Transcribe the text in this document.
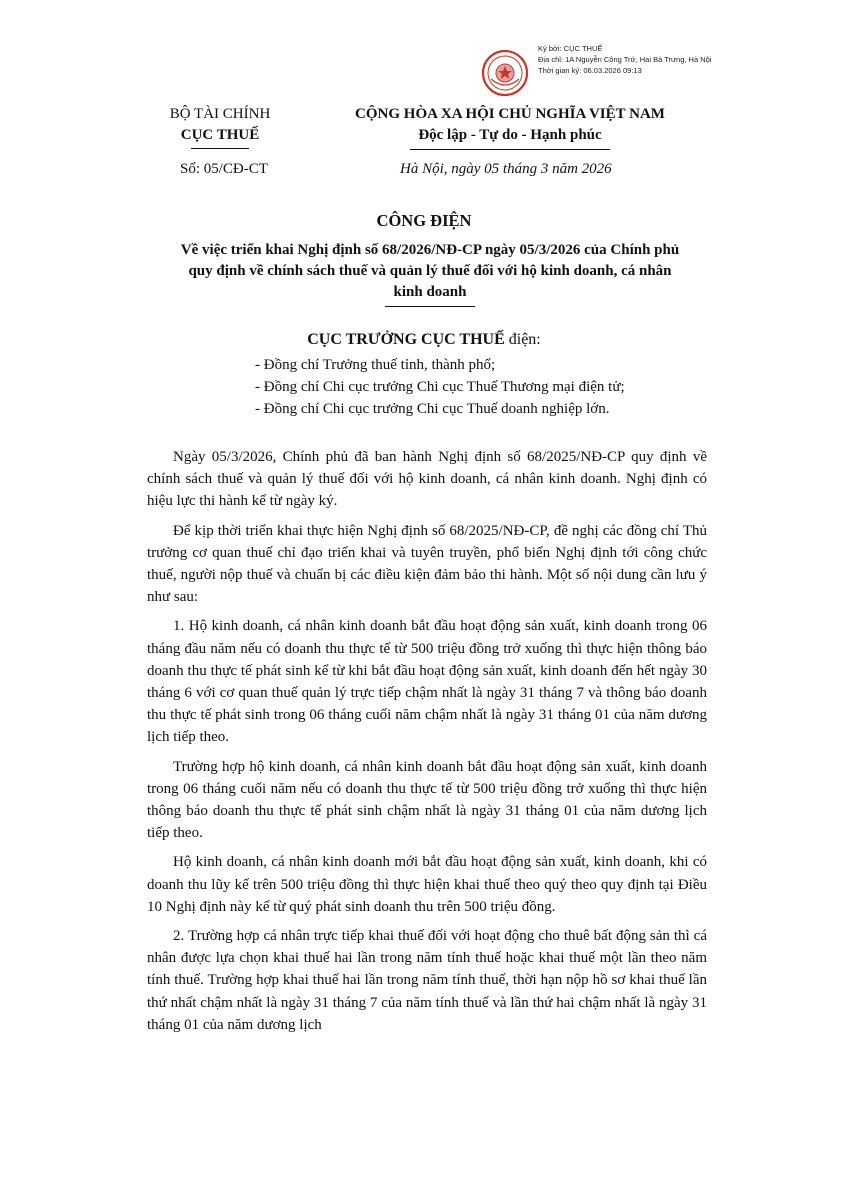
Ký bởi: CỤC THUẾ
Địa chỉ: 1A Nguyễn Công Trứ, Hai Bà Trưng, Hà Nội
Thời gian ký: 06.03.2026 09:13
BỘ TÀI CHÍNH
CỤC THUẾ
CỘNG HÒA XA HỘI CHỦ NGHĨA VIỆT NAM
Độc lập - Tự do - Hạnh phúc
Số: 05/CĐ-CT	Hà Nội, ngày 05 tháng 3 năm 2026
CÔNG ĐIỆN
Về việc triển khai Nghị định số 68/2026/NĐ-CP ngày 05/3/2026 của Chính phủ
quy định về chính sách thuế và quản lý thuế đối với hộ kinh doanh, cá nhân
kinh doanh
CỤC TRƯỞNG CỤC THUẾ điện:
- Đồng chí Trưởng thuế tỉnh, thành phố;
- Đồng chí Chi cục trưởng Chi cục Thuế Thương mại điện tử;
- Đồng chí Chi cục trưởng Chi cục Thuế doanh nghiệp lớn.

Ngày 05/3/2026, Chính phủ đã ban hành Nghị định số 68/2025/NĐ-CP quy định về chính sách thuế và quản lý thuế đối với hộ kinh doanh, cá nhân kinh doanh. Nghị định có hiệu lực thi hành kể từ ngày ký.

Để kịp thời triển khai thực hiện Nghị định số 68/2025/NĐ-CP, đề nghị các đồng chí Thủ trưởng cơ quan thuế chỉ đạo triển khai và tuyên truyền, phổ biến Nghị định tới công chức thuế, người nộp thuế và chuẩn bị các điều kiện đảm bảo thi hành. Một số nội dung cần lưu ý như sau:

1. Hộ kinh doanh, cá nhân kinh doanh bắt đầu hoạt động sản xuất, kinh doanh trong 06 tháng đầu năm nếu có doanh thu thực tế từ 500 triệu đồng trở xuống thì thực hiện thông báo doanh thu thực tế phát sinh kể từ khi bắt đầu hoạt động sản xuất, kinh doanh đến hết ngày 30 tháng 6 với cơ quan thuế quản lý trực tiếp chậm nhất là ngày 31 tháng 7 và thông báo doanh thu thực tế phát sinh trong 06 tháng cuối năm chậm nhất là ngày 31 tháng 01 của năm dương lịch tiếp theo.

Trường hợp hộ kinh doanh, cá nhân kinh doanh bắt đầu hoạt động sản xuất, kinh doanh trong 06 tháng cuối năm nếu có doanh thu thực tế từ 500 triệu đồng trở xuống thì thực hiện thông báo doanh thu thực tế phát sinh chậm nhất là ngày 31 tháng 01 của năm dương lịch tiếp theo.

Hộ kinh doanh, cá nhân kinh doanh mới bắt đầu hoạt động sản xuất, kinh doanh, khi có doanh thu lũy kế trên 500 triệu đồng thì thực hiện khai thuế theo quý theo quy định tại Điều 10 Nghị định này kể từ quý phát sinh doanh thu trên 500 triệu đồng.

2. Trường hợp cá nhân trực tiếp khai thuế đối với hoạt động cho thuê bất động sản thì cá nhân được lựa chọn khai thuế hai lần trong năm tính thuế hoặc khai thuế một lần theo năm tính thuế. Trường hợp khai thuế hai lần trong năm tính thuế, thời hạn nộp hồ sơ khai thuế lần thứ nhất chậm nhất là ngày 31 tháng 7 của năm tính thuế và lần thứ hai chậm nhất là ngày 31 tháng 01 của năm dương lịch
